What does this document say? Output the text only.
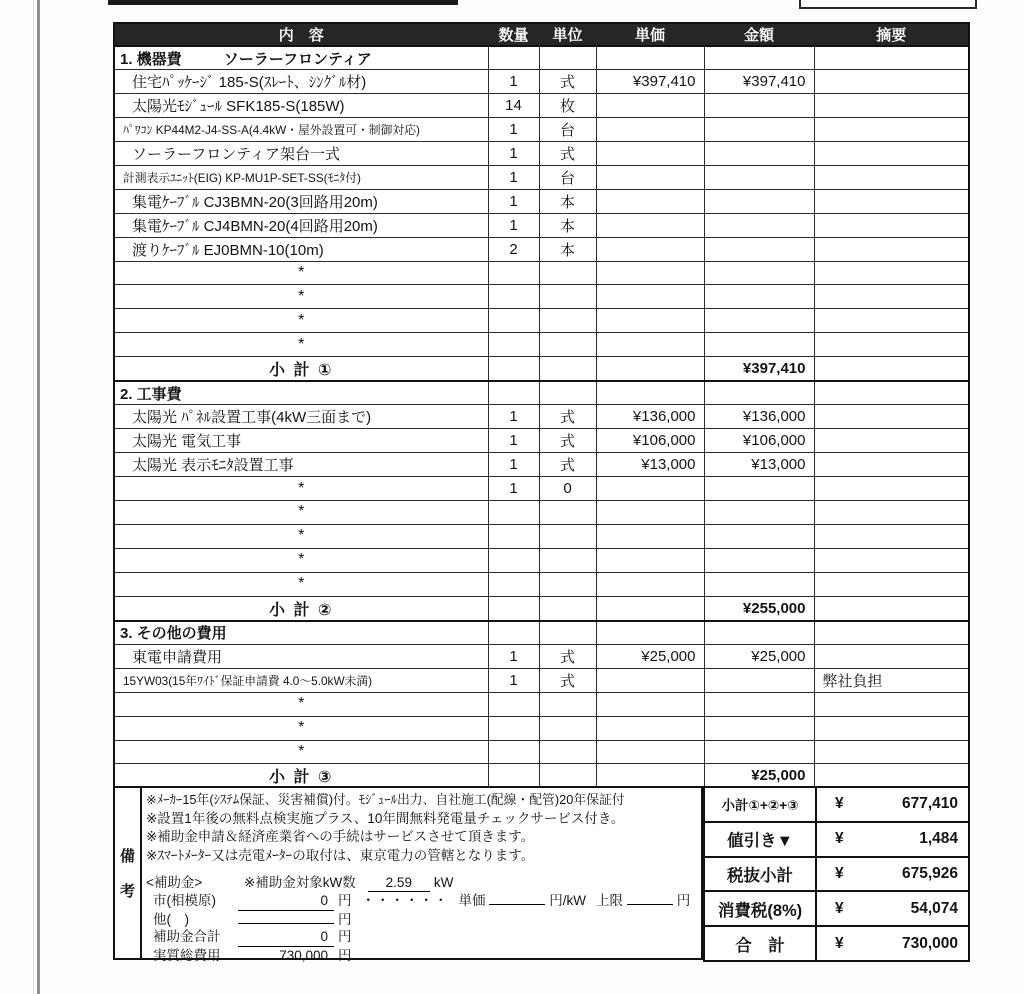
内　容	数量	単位	単価	金額	摘要
1. 機器費 ソーラーフロンティア					
住宅ﾊﾟｯｹｰｼﾞ 185-S(ｽﾚｰﾄ、ｼﾝｸﾞﾙ材)	1	式	¥397,410	¥397,410	
太陽光ﾓｼﾞｭｰﾙ SFK185-S(185W)	14	枚			
ﾊﾟﾜｺﾝ KP44M2-J4-SS-A(4.4kW・屋外設置可・制御対応)	1	台			
ソーラーフロンティア架台一式	1	式			
計測表示ﾕﾆｯﾄ(EIG) KP-MU1P-SET-SS(ﾓﾆﾀ付)	1	台			
集電ｹｰﾌﾞﾙ CJ3BMN-20(3回路用20m)	1	本			
集電ｹｰﾌﾞﾙ CJ4BMN-20(4回路用20m)	1	本			
渡りｹｰﾌﾞﾙ EJ0BMN-10(10m)	2	本			
*					
*					
*					
*					
小 計 ①				¥397,410	
2. 工事費					
太陽光 ﾊﾟﾈﾙ設置工事(4kW三面まで)	1	式	¥136,000	¥136,000	
太陽光 電気工事	1	式	¥106,000	¥106,000	
太陽光 表示ﾓﾆﾀ設置工事	1	式	¥13,000	¥13,000	
*	1	0			
*					
*					
*					
*					
小 計 ②				¥255,000	
3. その他の費用					
東電申請費用	1	式	¥25,000	¥25,000	
15YW03(15年ﾜｲﾄﾞ保証申請費 4.0～5.0kW未満)	1	式			弊社負担
*					
*					
*					
小 計 ③				¥25,000	
備
考
※ﾒｰｶｰ15年(ｼｽﾃﾑ保証、災害補償)付。ﾓｼﾞｭｰﾙ出力、自社施工(配線・配管)20年保証付
※設置1年後の無料点検実施プラス、10年間無料発電量チェックサービス付き。
※補助金申請＆経済産業省への手続はサービスさせて頂きます。
※ｽﾏｰﾄﾒｰﾀｰ又は売電ﾒｰﾀｰの取付は、東京電力の管轄となります。
<補助金>	※補助金対象kW数 2.59 kW
市(相模原)	0 円 ・・・・・・ 単価	円/kW 上限	円
他(　)	円
補助金合計	0 円
実質総費用	730,000 円
小計①+②+③	¥ 677,410

値引き▼	¥ 1,484

税抜小計	¥ 675,926

消費税(8%)	¥ 54,074

合　計	¥ 730,000
